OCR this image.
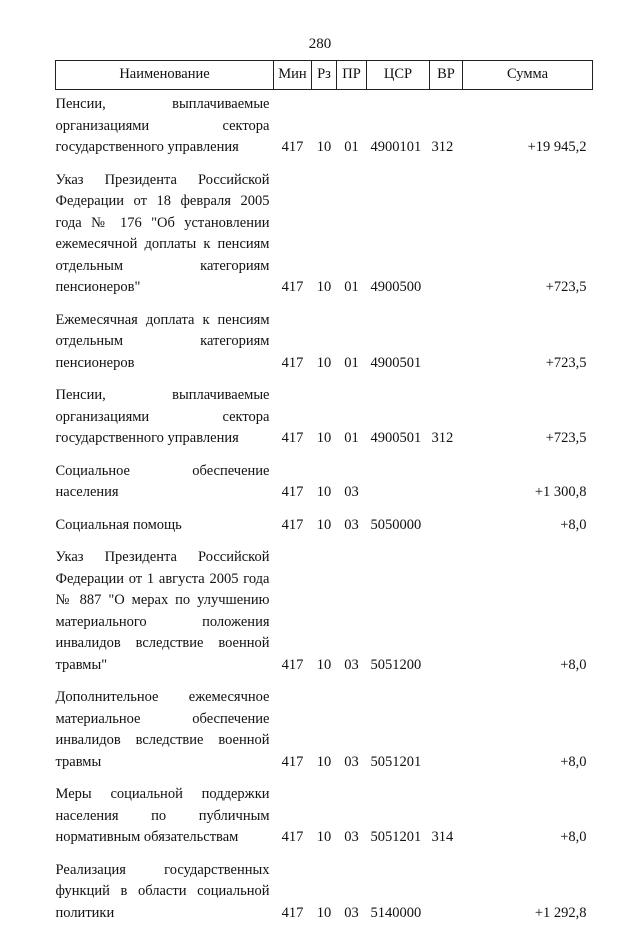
280
Наименование	Мин	Рз	ПР	ЦСР	ВР	Сумма

Пенсии, выплачиваемые организациями сектора государственного управления	417	10	01	4900101	312	+19 945,2

Указ Президента Российской Федерации от 18 февраля 2005 года № 176 "Об установлении ежемесячной доплаты к пенсиям отдельным категориям пенсионеров"	417	10	01	4900500		+723,5

Ежемесячная доплата к пенсиям отдельным категориям пенсионеров	417	10	01	4900501		+723,5

Пенсии, выплачиваемые организациями сектора государственного управления	417	10	01	4900501	312	+723,5

Социальное обеспечение населения	417	10	03			+1 300,8

Социальная помощь	417	10	03	5050000		+8,0

Указ Президента Российской Федерации от 1 августа 2005 года № 887 "О мерах по улучшению материального положения инвалидов вследствие военной травмы"	417	10	03	5051200		+8,0

Дополнительное ежемесячное материальное обеспечение инвалидов вследствие военной травмы	417	10	03	5051201		+8,0

Меры социальной поддержки населения по публичным нормативным обязательствам	417	10	03	5051201	314	+8,0

Реализация государственных функций в области социальной политики	417	10	03	5140000		+1 292,8
